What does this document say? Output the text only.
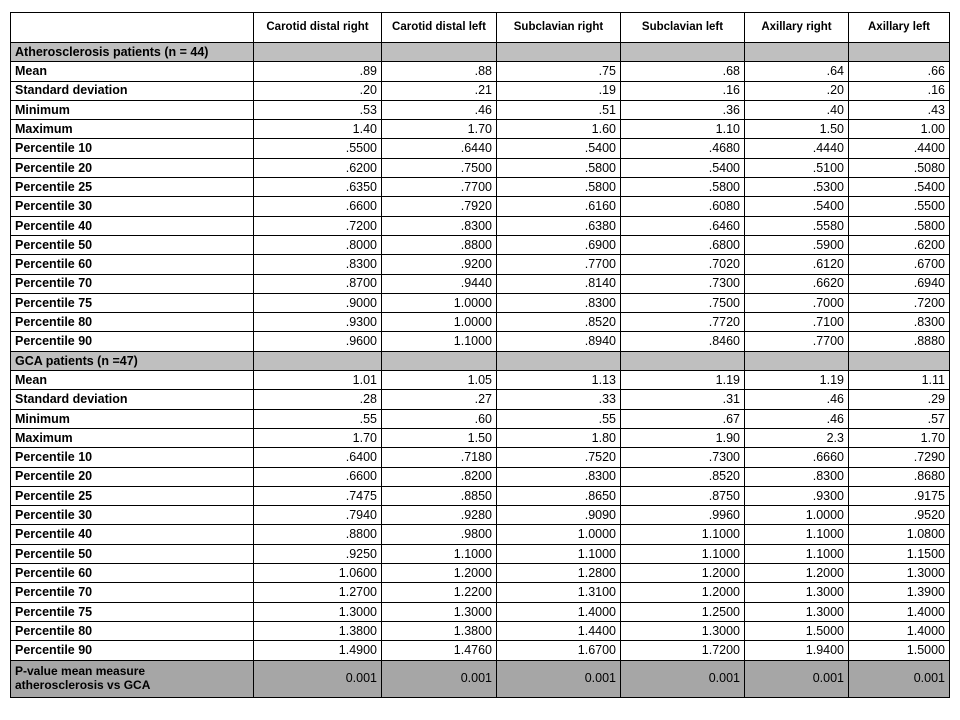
	Carotid distal right	Carotid distal left	Subclavian right	Subclavian left	Axillary right	Axillary left
Atherosclerosis patients (n = 44)						
Mean	.89	.88	.75	.68	.64	.66
Standard deviation	.20	.21	.19	.16	.20	.16
Minimum	.53	.46	.51	.36	.40	.43
Maximum	1.40	1.70	1.60	1.10	1.50	1.00
Percentile 10	.5500	.6440	.5400	.4680	.4440	.4400
Percentile 20	.6200	.7500	.5800	.5400	.5100	.5080
Percentile 25	.6350	.7700	.5800	.5800	.5300	.5400
Percentile 30	.6600	.7920	.6160	.6080	.5400	.5500
Percentile 40	.7200	.8300	.6380	.6460	.5580	.5800
Percentile 50	.8000	.8800	.6900	.6800	.5900	.6200
Percentile 60	.8300	.9200	.7700	.7020	.6120	.6700
Percentile 70	.8700	.9440	.8140	.7300	.6620	.6940
Percentile 75	.9000	1.0000	.8300	.7500	.7000	.7200
Percentile 80	.9300	1.0000	.8520	.7720	.7100	.8300
Percentile 90	.9600	1.1000	.8940	.8460	.7700	.8880
GCA patients (n =47)						
Mean	1.01	1.05	1.13	1.19	1.19	1.11
Standard deviation	.28	.27	.33	.31	.46	.29
Minimum	.55	.60	.55	.67	.46	.57
Maximum	1.70	1.50	1.80	1.90	2.3	1.70
Percentile 10	.6400	.7180	.7520	.7300	.6660	.7290
Percentile 20	.6600	.8200	.8300	.8520	.8300	.8680
Percentile 25	.7475	.8850	.8650	.8750	.9300	.9175
Percentile 30	.7940	.9280	.9090	.9960	1.0000	.9520
Percentile 40	.8800	.9800	1.0000	1.1000	1.1000	1.0800
Percentile 50	.9250	1.1000	1.1000	1.1000	1.1000	1.1500
Percentile 60	1.0600	1.2000	1.2800	1.2000	1.2000	1.3000
Percentile 70	1.2700	1.2200	1.3100	1.2000	1.3000	1.3900
Percentile 75	1.3000	1.3000	1.4000	1.2500	1.3000	1.4000
Percentile 80	1.3800	1.3800	1.4400	1.3000	1.5000	1.4000
Percentile 90	1.4900	1.4760	1.6700	1.7200	1.9400	1.5000

P-value mean measure
atherosclerosis vs GCA	0.001	0.001	0.001	0.001	0.001	0.001
